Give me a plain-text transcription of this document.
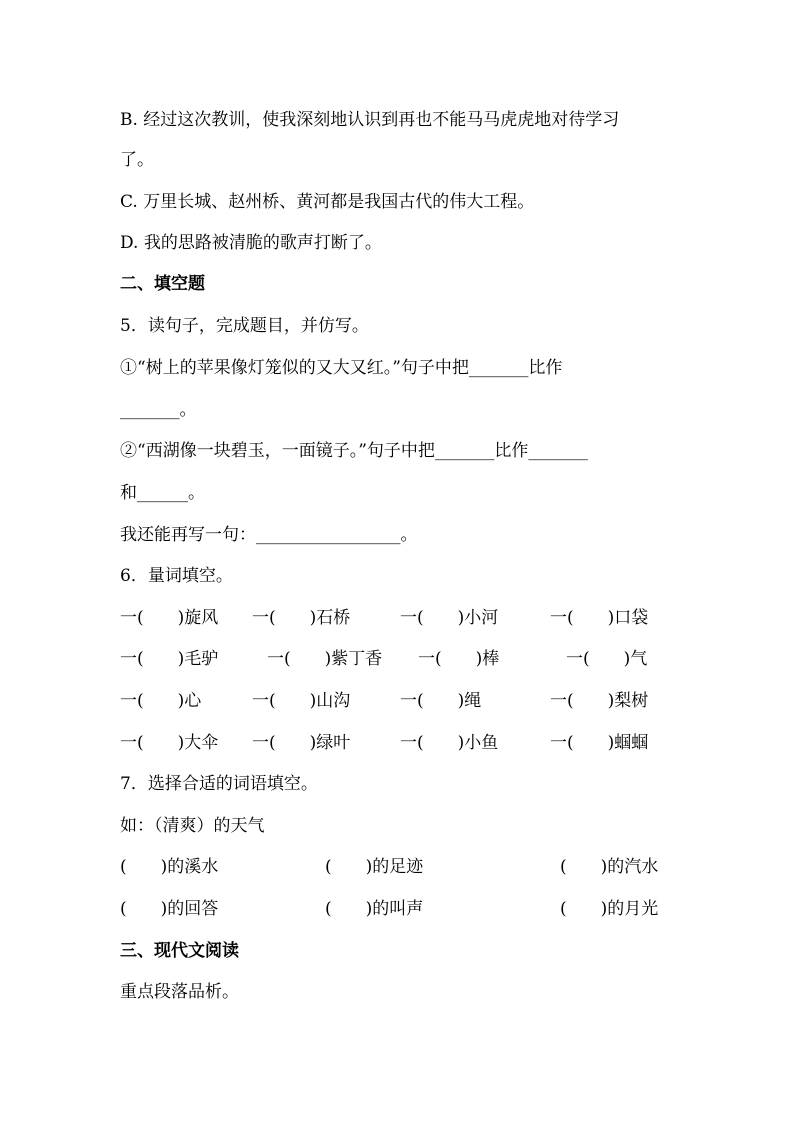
B. 经过这次教训，使我深刻地认识到再也不能马马虎虎地对待学习
了。
C. 万里长城、赵州桥、黄河都是我国古代的伟大工程。
D. 我的思路被清脆的歌声打断了。
二、填空题
5．读句子，完成题目，并仿写。
①“树上的苹果像灯笼似的又大又红。”句子中把_______比作
_______。
②“西湖像一块碧玉，一面镜子。”句子中把_______比作_______
和______。
我还能再写一句：_________________。
6．量词填空。
一(　　)旋风 一(　　)石桥	一(　　)小河	一(　　)口袋
一(　　)毛驴	一(　　)紫丁香 一(　　)棒	一(　　)气
一(　　)心	一(　　)山沟	一(　　)绳	一(　　)梨树
一(　　)大伞 一(　　)绿叶	一(　　)小鱼	一(　　)蝈蝈
7．选择合适的词语填空。
如：（清爽）的天气
(　　)的溪水	(　　)的足迹	(　　)的汽水
(　　)的回答	(　　)的叫声	(　　)的月光
三、现代文阅读
重点段落品析。
